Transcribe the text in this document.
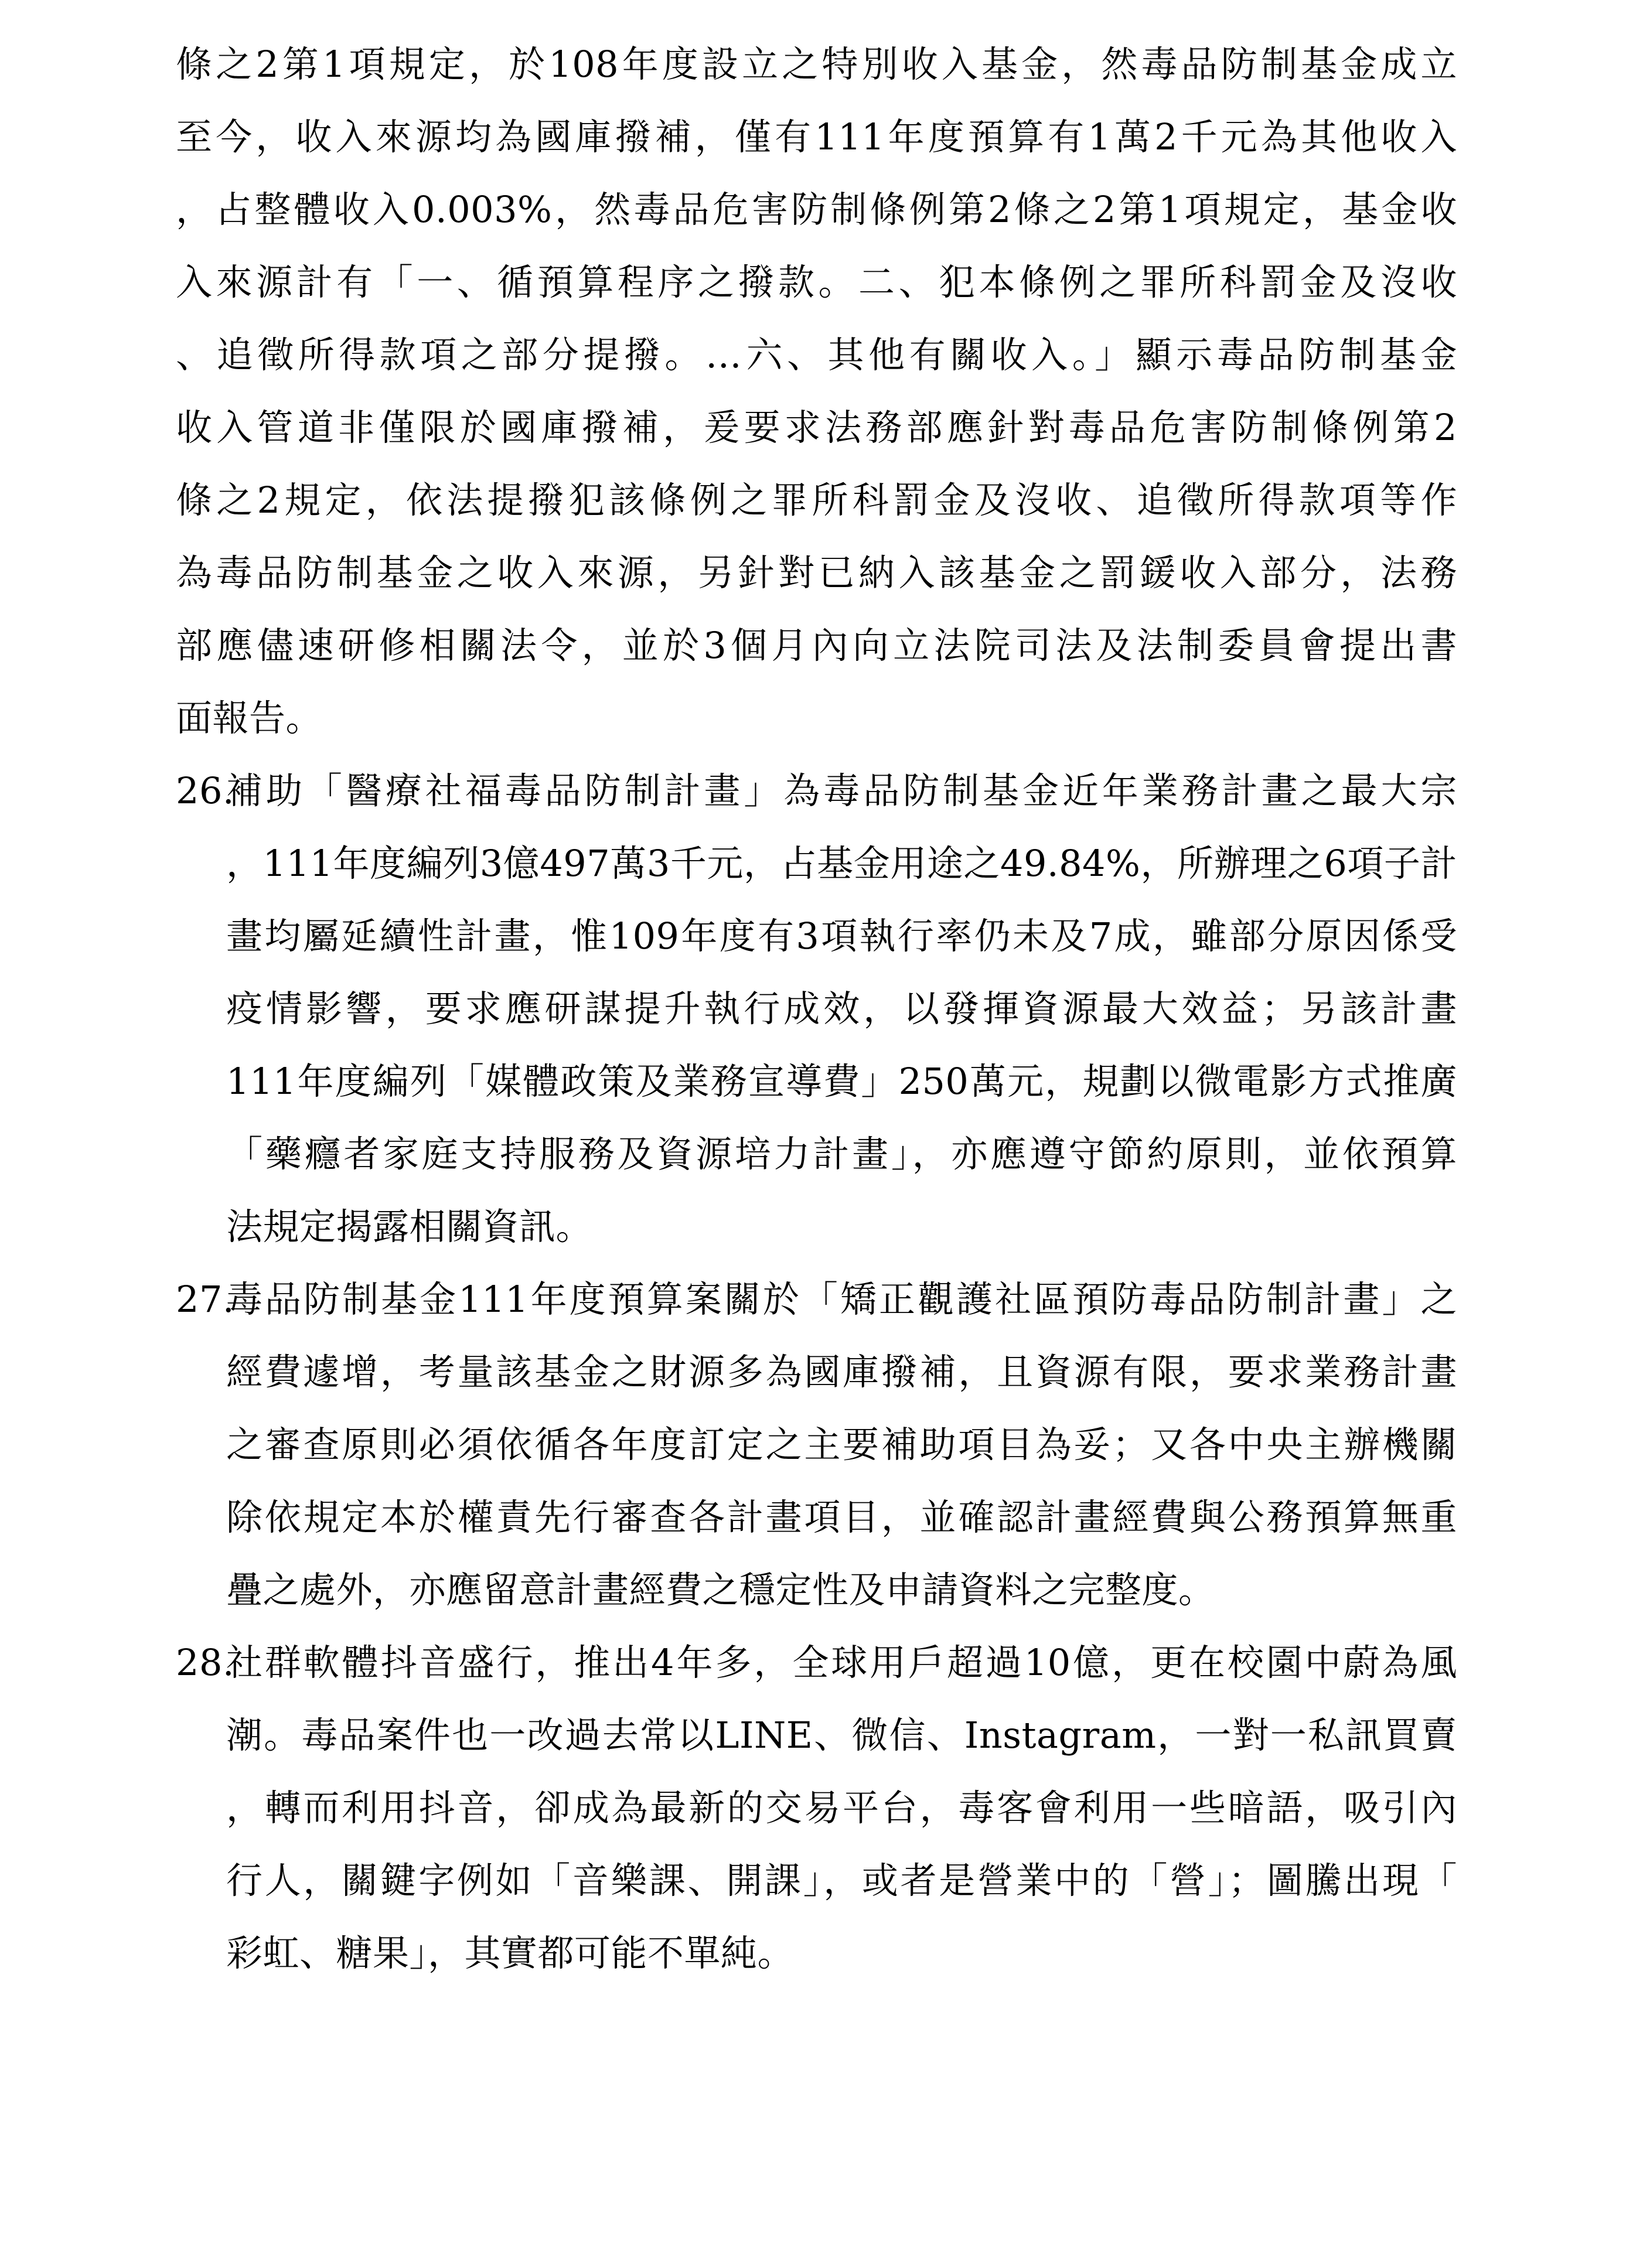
條之2第1項規定，於108年度設立之特別收入基金，然毒品防制基金成立
至今，收入來源均為國庫撥補，僅有111年度預算有1萬2千元為其他收入
，占整體收入0.003%，然毒品危害防制條例第2條之2第1項規定，基金收
入來源計有「一、循預算程序之撥款。二、犯本條例之罪所科罰金及沒收
、追徵所得款項之部分提撥。…六、其他有關收入。」顯示毒品防制基金
收入管道非僅限於國庫撥補，爰要求法務部應針對毒品危害防制條例第2
條之2規定，依法提撥犯該條例之罪所科罰金及沒收、追徵所得款項等作
為毒品防制基金之收入來源，另針對已納入該基金之罰鍰收入部分，法務
部應儘速研修相關法令，並於3個月內向立法院司法及法制委員會提出書
面報告。
26.
補助「醫療社福毒品防制計畫」為毒品防制基金近年業務計畫之最大宗
，111年度編列3億497萬3千元，占基金用途之49.84%，所辦理之6項子計
畫均屬延續性計畫，惟109年度有3項執行率仍未及7成，雖部分原因係受
疫情影響，要求應研謀提升執行成效，以發揮資源最大效益；另該計畫
111年度編列「媒體政策及業務宣導費」250萬元，規劃以微電影方式推廣
「藥癮者家庭支持服務及資源培力計畫」，亦應遵守節約原則，並依預算
法規定揭露相關資訊。
27.
毒品防制基金111年度預算案關於「矯正觀護社區預防毒品防制計畫」之
經費遽增，考量該基金之財源多為國庫撥補，且資源有限，要求業務計畫
之審查原則必須依循各年度訂定之主要補助項目為妥；又各中央主辦機關
除依規定本於權責先行審查各計畫項目，並確認計畫經費與公務預算無重
疊之處外，亦應留意計畫經費之穩定性及申請資料之完整度。
28.
社群軟體抖音盛行，推出4年多，全球用戶超過10億，更在校園中蔚為風
潮。毒品案件也一改過去常以LINE、微信、Instagram，一對一私訊買賣
，轉而利用抖音，卻成為最新的交易平台，毒客會利用一些暗語，吸引內
行人，關鍵字例如「音樂課、開課」，或者是營業中的「營」；圖騰出現「
彩虹、糖果」，其實都可能不單純。
